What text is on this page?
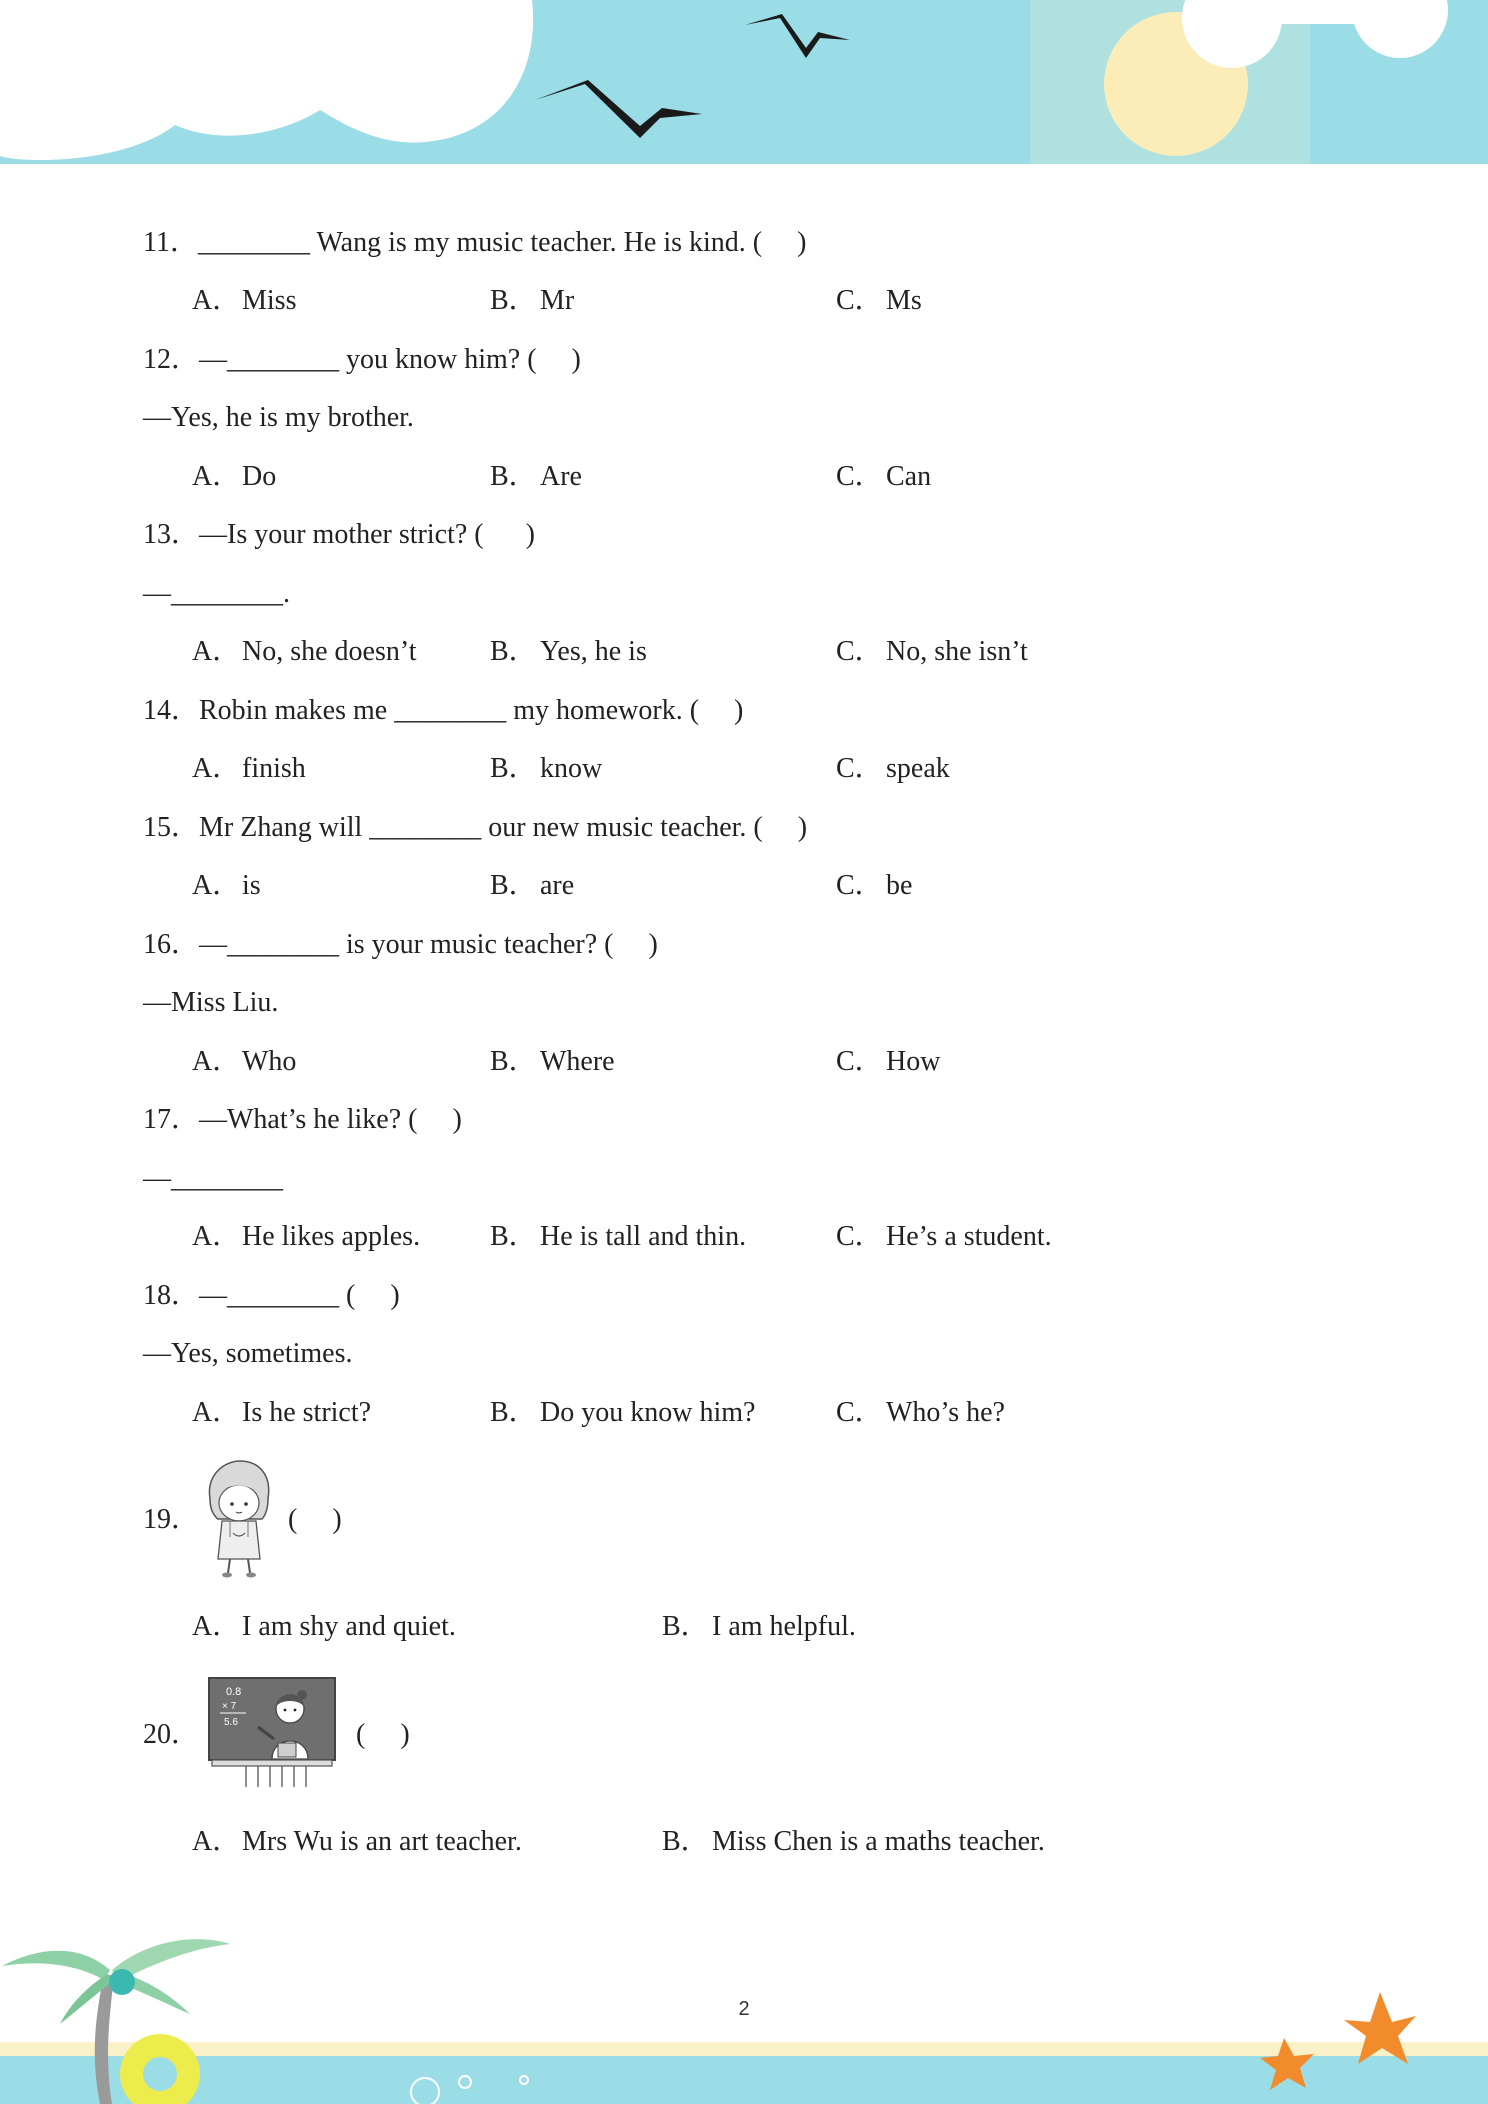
11．________ Wang is my music teacher. He is kind. (     )
A．Miss	B． Mr	C． Ms
12．—________ you know him? (     )
—Yes, he is my brother.
A．Do	B． Are	C． Can
13．—Is your mother strict? (      )
—________.
A．No, she doesn’t	B． Yes, he is	C． No, she isn’t
14．Robin makes me ________ my homework. (     )
A．finish	B． know	C． speak
15．Mr Zhang will ________ our new music teacher. (     )
A．is	B． are	C． be
16．—________ is your music teacher? (     )
—Miss Liu.
A．Who	B． Where	C． How
17．—What’s he like? (     )
—________
A．He likes apples. B． He is tall and thin.	C． He’s a student.
18．—________ (     )
—Yes, sometimes.
A．Is he strict?	B． Do you know him?	C． Who’s he?
19．	(     )
A．I am shy and quiet.	B． I am helpful.
20．
0.8
× 7
5.6	(     )
A．Mrs Wu is an art teacher.	B． Miss Chen is a maths teacher.
2
